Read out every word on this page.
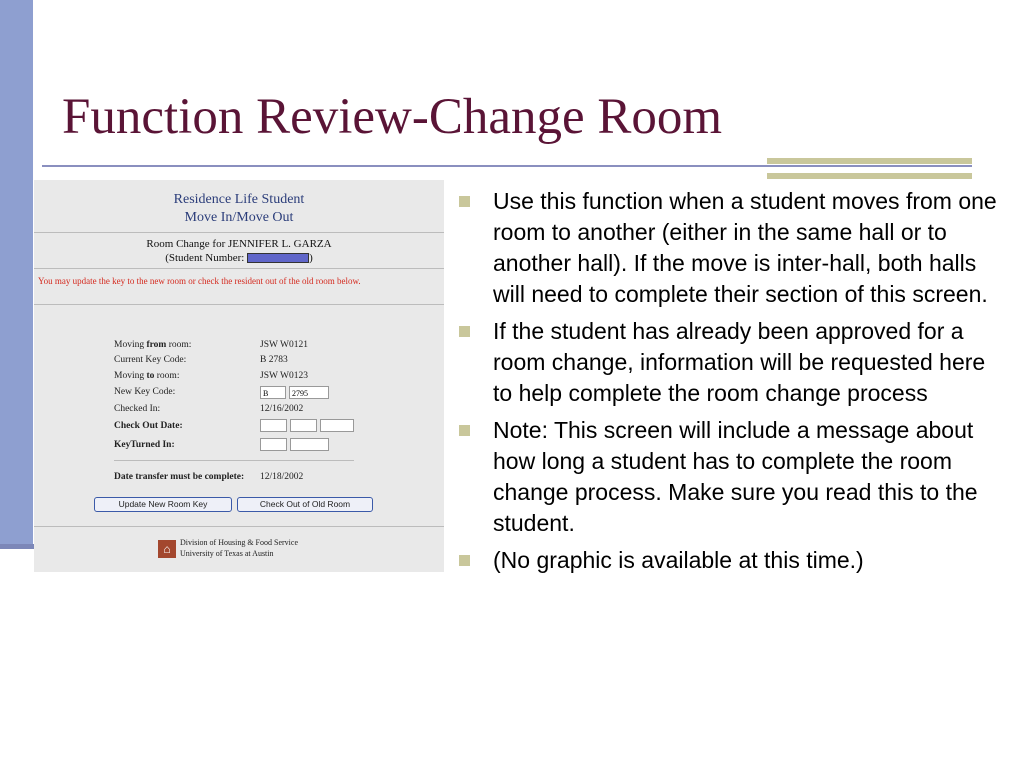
Function Review-Change Room
Residence Life Student
Move In/Move Out
Room Change for JENNIFER L. GARZA
(Student Number:	)
You may update the key to the new room or check the resident out of the old room below.
Moving from room:	JSW W0121
Current Key Code:	B 2783
Moving to room:	JSW W0123
New Key Code:	B	2795
Checked In:	12/16/2002
Check Out Date:
KeyTurned In:
Date transfer must be complete: 12/18/2002
Update New Room Key	Check Out of Old Room
⌂	Division of Housing & Food Service
University of Texas at Austin
Use this function when a student moves from one room to another (either in the same hall or to another hall). If the move is inter-hall, both halls will need to complete their section of this screen.
If the student has already been approved for a room change, information will be requested here to help complete the room change process
Note: This screen will include a message about how long a student has to complete the room change process. Make sure you read this to the student.
(No graphic is available at this time.)
